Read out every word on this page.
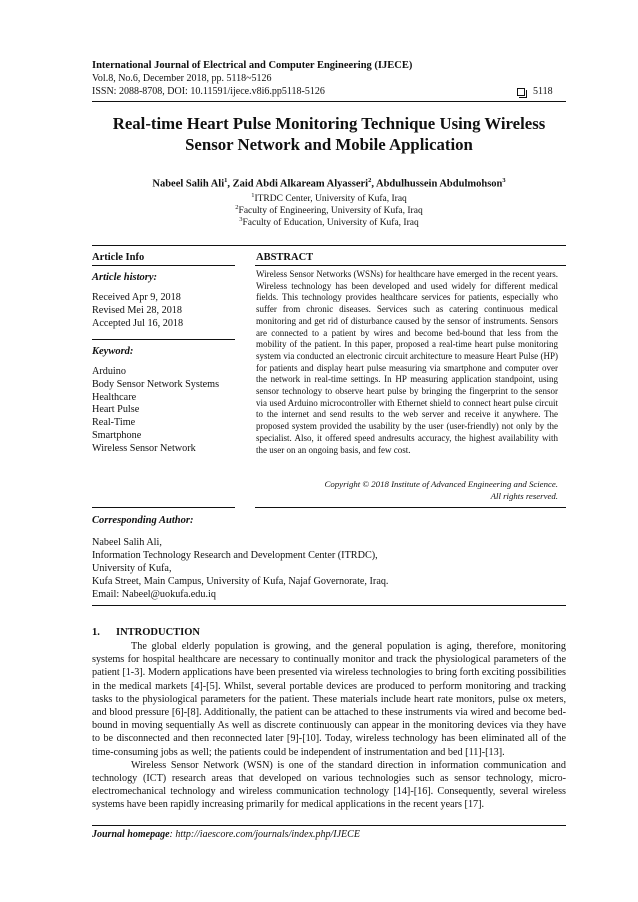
International Journal of Electrical and Computer Engineering (IJECE)
Vol.8, No.6, December 2018, pp. 5118~5126
ISSN: 2088-8708, DOI: 10.11591/ijece.v8i6.pp5118-5126	5118
Real-time Heart Pulse Monitoring Technique Using Wireless
Sensor Network and Mobile Application
Nabeel Salih Ali$^1$, Zaid Abdi Alkaream Alyasseri$^2$, Abdulhussein Abdulmohson$^3$
$^1$ITRDC Center, University of Kufa, Iraq
$^2$Faculty of Engineering, University of Kufa, Iraq
$^3$Faculty of Education, University of Kufa, Iraq
Article Info	ABSTRACT
Article history:
Received Apr 9, 2018
Revised Mei 28, 2018
Accepted Jul 16, 2018
Keyword:
Arduino
Body Sensor Network Systems
Healthcare
Heart Pulse
Real-Time
Smartphone
Wireless Sensor Network
Wireless Sensor Networks (WSNs) for healthcare have emerged in the recent years. Wireless technology has been developed and used widely for different medical fields. This technology provides healthcare services for patients, especially who suffer from chronic diseases. Services such as catering continuous medical monitoring and get rid of disturbance caused by the sensor of instruments. Sensors are connected to a patient by wires and become bed-bound that less from the mobility of the patient. In this paper, proposed a real-time heart pulse monitoring system via conducted an electronic circuit architecture to measure Heart Pulse (HP) for patients and display heart pulse measuring via smartphone and computer over the network in real-time settings. In HP measuring application standpoint, using sensor technology to observe heart pulse by bringing the fingerprint to the sensor via used Arduino microcontroller with Ethernet shield to connect heart pulse circuit to the internet and send results to the web server and receive it anywhere. The proposed system provided the usability by the user (user-friendly) not only by the specialist. Also, it offered speed andresults accuracy, the highest availability with the user on an ongoing basis, and few cost.
Copyright © 2018 Institute of Advanced Engineering and Science.
All rights reserved.
Corresponding Author:
Nabeel Salih Ali,
Information Technology Research and Development Center (ITRDC),
University of Kufa,
Kufa Street, Main Campus, University of Kufa, Najaf Governorate, Iraq.
Email: Nabeel@uokufa.edu.iq
1. INTRODUCTION

The global elderly population is growing, and the general population is aging, therefore, monitoring systems for hospital healthcare are necessary to continually monitor and track the physiological parameters of the patient [1-3]. Modern applications have been presented via wireless technologies to bring forth exciting possibilities in the medical markets [4]-[5]. Whilst, several portable devices are produced to perform monitoring and tracking tasks to the physiological parameters for the patient. These materials include heart rate monitors, pulse ox meters, and blood pressure [6]-[8]. Additionally, the patient can be attached to these instruments via wired and become bed-bound in moving sequentially As well as discrete continuously can appear in the monitoring devices via they have to be disconnected and then reconnected later [9]-[10]. Today, wireless technology has been eliminated all of the time-consuming jobs as well; the patients could be independent of instrumentation and bed [11]-[13].

Wireless Sensor Network (WSN) is one of the standard direction in information communication and technology (ICT) research areas that developed on various technologies such as sensor technology, micro-electromechanical technology and wireless communication technology [14]-[16]. Consequently, several wireless systems have been rapidly increasing primarily for medical applications in the recent years [17].

Journal homepage: http://iaescore.com/journals/index.php/IJECE
